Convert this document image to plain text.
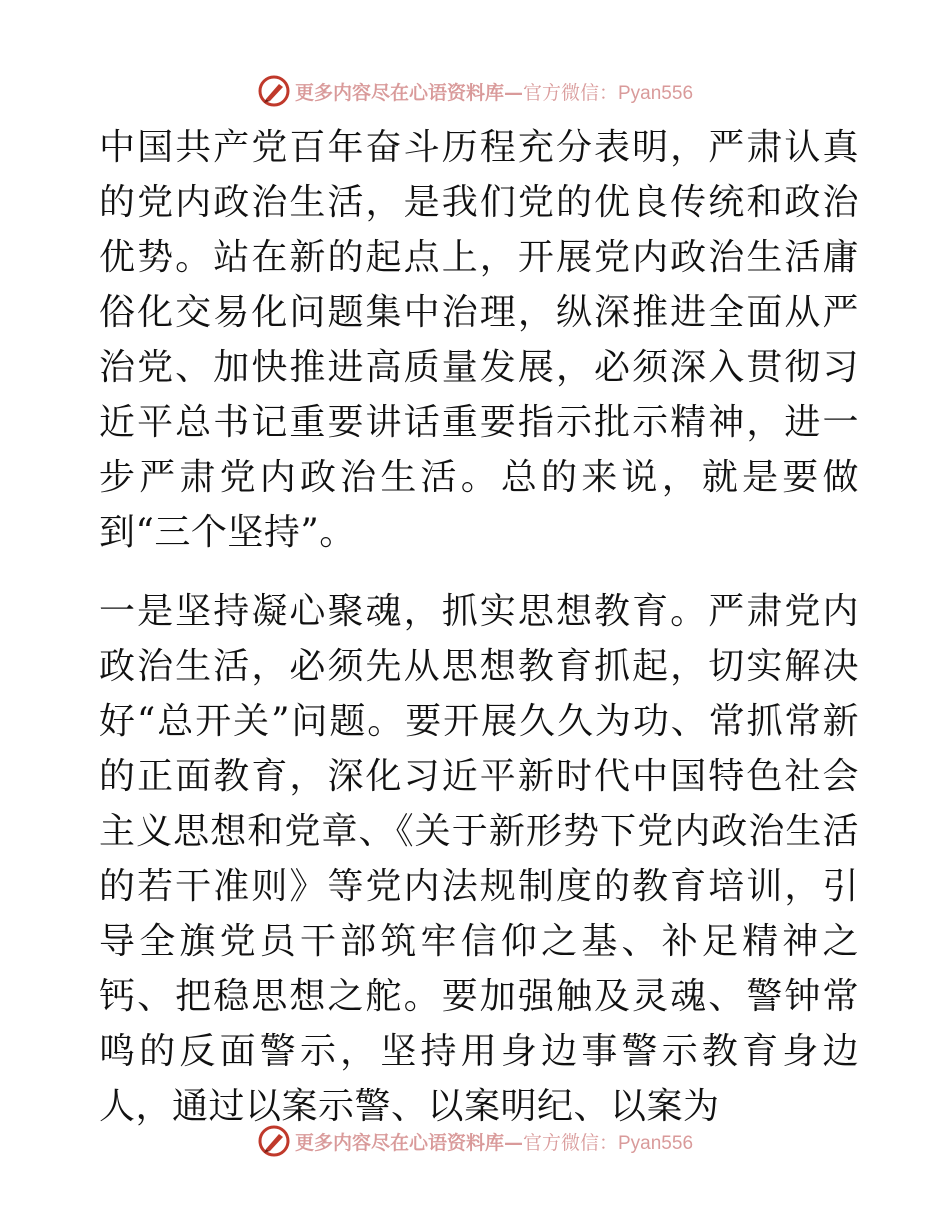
更多内容尽在心语资料库—官方微信：Pyan556

中国共产党百年奋斗历程充分表明，严肃认真的党内政治生活，是我们党的优良传统和政治优势。站在新的起点上，开展党内政治生活庸俗化交易化问题集中治理，纵深推进全面从严治党、加快推进高质量发展，必须深入贯彻习近平总书记重要讲话重要指示批示精神，进一步严肃党内政治生活。总的来说，就是要做到“三个坚持”。

一是坚持凝心聚魂，抓实思想教育。严肃党内政治生活，必须先从思想教育抓起，切实解决好“总开关”问题。要开展久久为功、常抓常新的正面教育，深化习近平新时代中国特色社会主义思想和党章、《关于新形势下党内政治生活的若干准则》等党内法规制度的教育培训，引导全旗党员干部筑牢信仰之基、补足精神之钙、把稳思想之舵。要加强触及灵魂、警钟常鸣的反面警示，坚持用身边事警示教育身边人，通过以案示警、以案明纪、以案为

更多内容尽在心语资料库—官方微信：Pyan556
